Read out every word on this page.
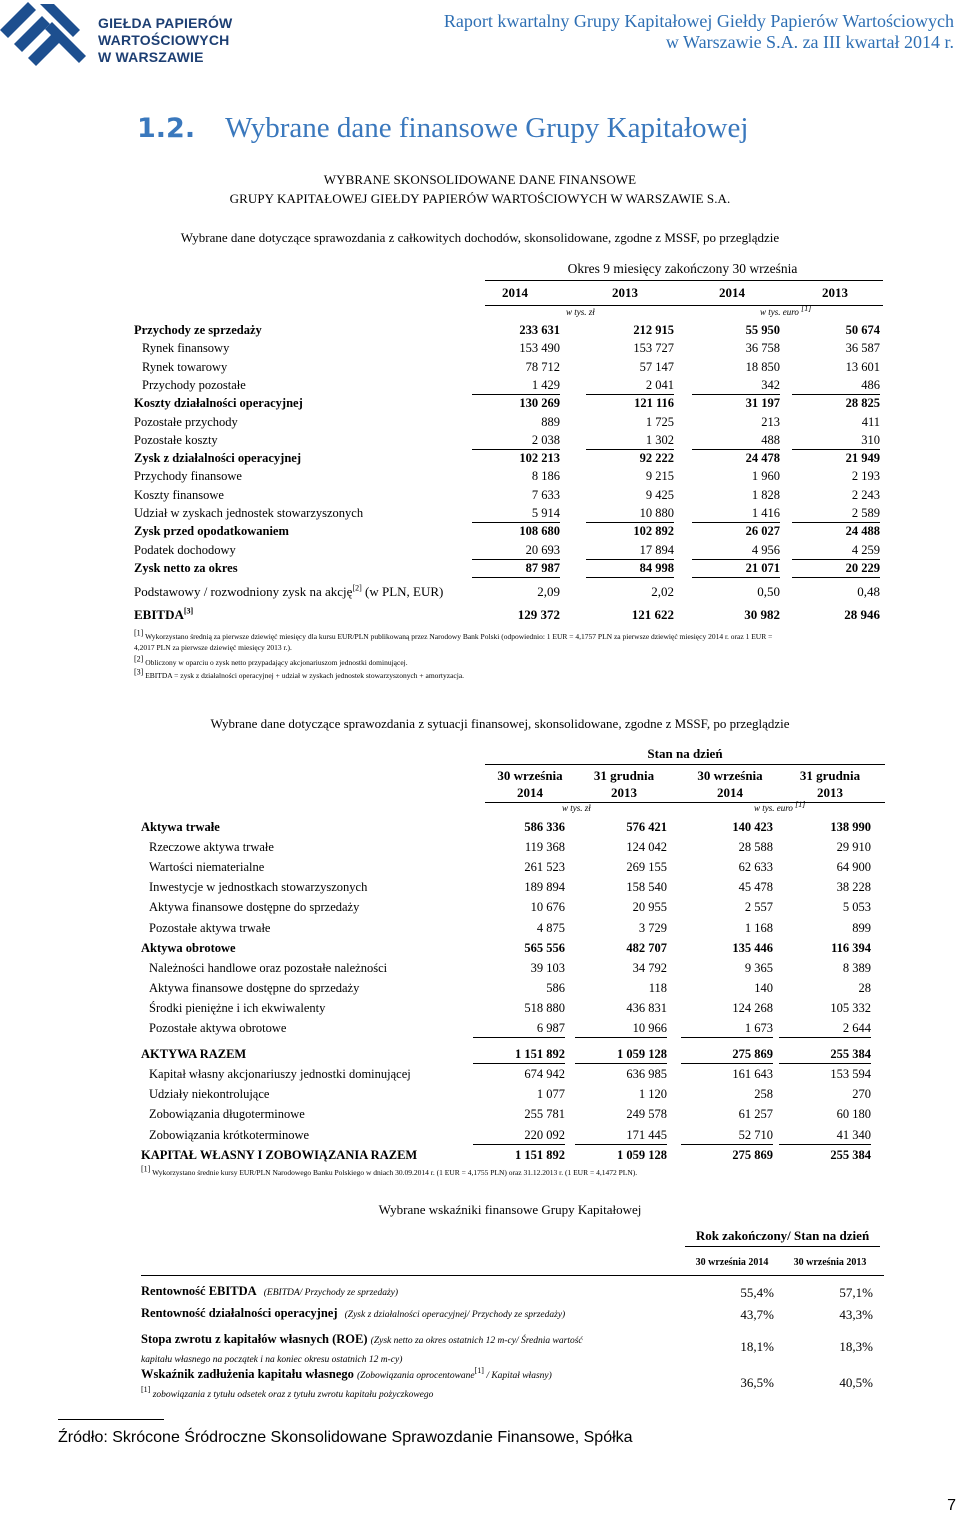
GIEŁDA PAPIERÓW
WARTOŚCIOWYCH
W WARSZAWIE
Raport kwartalny Grupy Kapitałowej Giełdy Papierów Wartościowych
w Warszawie S.A. za III kwartał 2014 r.
1.2. Wybrane dane finansowe Grupy Kapitałowej
WYBRANE SKONSOLIDOWANE DANE FINANSOWE
GRUPY KAPITAŁOWEJ GIEŁDY PAPIERÓW WARTOŚCIOWYCH W WARSZAWIE S.A.
Wybrane dane dotyczące sprawozdania z całkowitych dochodów, skonsolidowane, zgodne z MSSF, po przeglądzie
Okres 9 miesięcy zakończony 30 września
2014	2013	2014	2013
w tys. zł	w tys. euro [1]
Przychody ze sprzedaży	233 631	212 915	55 950	50 674
Rynek finansowy	153 490	153 727	36 758	36 587
Rynek towarowy	78 712	57 147	18 850	13 601
Przychody pozostałe	1 429	2 041	342	486
Koszty działalności operacyjnej	130 269	121 116	31 197	28 825
Pozostałe przychody	889	1 725	213	411
Pozostałe koszty	2 038	1 302	488	310
Zysk z działalności operacyjnej	102 213	92 222	24 478	21 949
Przychody finansowe	8 186	9 215	1 960	2 193
Koszty finansowe	7 633	9 425	1 828	2 243
Udział w zyskach jednostek stowarzyszonych	5 914	10 880	1 416	2 589
Zysk przed opodatkowaniem	108 680	102 892	26 027	24 488
Podatek dochodowy	20 693	17 894	4 956	4 259
Zysk netto za okres	87 987	84 998	21 071	20 229
Podstawowy / rozwodniony zysk na akcję[2] (w PLN, EUR)	2,09	2,02	0,50	0,48
EBITDA[3]	129 372	121 622	30 982	28 946
[1] Wykorzystano średnią za pierwsze dziewięć miesięcy dla kursu EUR/PLN publikowaną przez Narodowy Bank Polski (odpowiednio: 1 EUR = 4,1757 PLN za pierwsze dziewięć miesięcy 2014 r. oraz 1 EUR =
4,2017 PLN za pierwsze dziewięć miesięcy 2013 r.).
[2] Obliczony w oparciu o zysk netto przypadający akcjonariuszom jednostki dominującej.
[3] EBITDA = zysk z działalności operacyjnej + udział w zyskach jednostek stowarzyszonych + amortyzacja.
Wybrane dane dotyczące sprawozdania z sytuacji finansowej, skonsolidowane, zgodne z MSSF, po przeglądzie
Stan na dzień
30 września
2014
31 grudnia
2013
30 września
2014
31 grudnia
2013
w tys. zł	w tys. euro [1]
Aktywa trwałe	586 336	576 421	140 423	138 990
Rzeczowe aktywa trwałe	119 368	124 042	28 588	29 910
Wartości niematerialne	261 523	269 155	62 633	64 900
Inwestycje w jednostkach stowarzyszonych	189 894	158 540	45 478	38 228
Aktywa finansowe dostępne do sprzedaży	10 676	20 955	2 557	5 053
Pozostałe aktywa trwałe	4 875	3 729	1 168	899
Aktywa obrotowe	565 556	482 707	135 446	116 394
Należności handlowe oraz pozostałe należności	39 103	34 792	9 365	8 389
Aktywa finansowe dostępne do sprzedaży	586	118	140	28
Środki pieniężne i ich ekwiwalenty	518 880	436 831	124 268	105 332
Pozostałe aktywa obrotowe	6 987	10 966	1 673	2 644
AKTYWA RAZEM	1 151 892	1 059 128	275 869	255 384
Kapitał własny akcjonariuszy jednostki dominującej	674 942	636 985	161 643	153 594
Udziały niekontrolujące	1 077	1 120	258	270
Zobowiązania długoterminowe	255 781	249 578	61 257	60 180
Zobowiązania krótkoterminowe	220 092	171 445	52 710	41 340
KAPITAŁ WŁASNY I ZOBOWIĄZANIA RAZEM	1 151 892	1 059 128	275 869	255 384
[1] Wykorzystano średnie kursy EUR/PLN Narodowego Banku Polskiego w dniach 30.09.2014 r. (1 EUR = 4,1755 PLN) oraz 31.12.2013 r. (1 EUR = 4,1472 PLN).
Wybrane wskaźniki finansowe Grupy Kapitałowej
Rok zakończony/ Stan na dzień
30 września 2014	30 września 2013
Rentowność EBITDA (EBITDA/ Przychody ze sprzedaży)	55,4%	57,1%
Rentowność działalności operacyjnej (Zysk z działalności operacyjnej/ Przychody ze sprzedaży)	43,7%	43,3%
Stopa zwrotu z kapitałów własnych (ROE) (Zysk netto za okres ostatnich 12 m-cy/ Średnia wartość
kapitału własnego na początek i na koniec okresu ostatnich 12 m-cy)
18,1%	18,3%
Wskaźnik zadłużenia kapitału własnego (Zobowiązania oprocentowane[1] / Kapitał własny)
[1] zobowiązania z tytułu odsetek oraz z tytułu zwrotu kapitału pożyczkowego
36,5%	40,5%
Źródło: Skrócone Śródroczne Skonsolidowane Sprawozdanie Finansowe, Spółka
7
